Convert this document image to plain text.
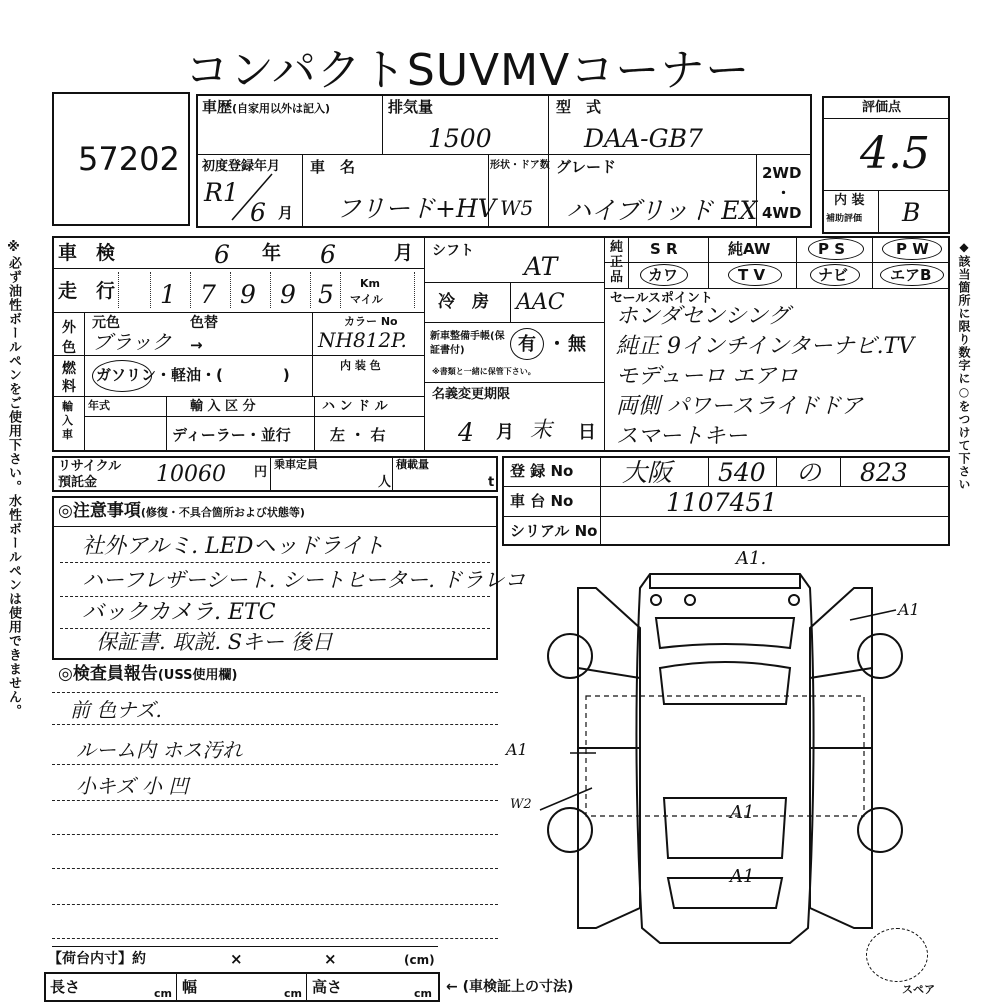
コンパクトSUVMVコーナー
※必ず油性ボールペンをご使用下さい。水性ボールペンは使用できません。	◆該当箇所に限り数字に○をつけて下さい
57202
車歴(自家用以外は記入)	排気量
1500
型　式
DAA-GB7
初度登録年月
R1
6 月
車　名
フリード+HV
形状・ドア数
W5
グレード
ハイブリッド EX
2WD
・
4WD
評価点
4.5
内 装
補助評価 B
車　検	6 年 6	月
走　行 1 7 9 9 5 Km
マイル
外色
元色
ブラック
色替
→
カラー No
NH812P.
燃料
ガソリン・軽油・(　　　　)
内 装 色
輸入車
年式	輸 入 区 分
ディーラー・並行
ハ ン ド ル
左 ・ 右
シフト
AT
冷　房 AAC
新車整備手帳(保証書付)	有 ・ 無
※書類と一緒に保管下さい。
名義変更期限
4 月 末 日
純正品
S R	純AW	P S	P W
カワ	T V	ナビ	エアB
セールスポイント
ホンダセンシング
純正 9インチインターナビ.TV
モデューロ エアロ
両側 パワースライドドア
スマートキー
リサイクル
預託金	10060 円
乗車定員
人
積載量
t
登 録 No 大阪 540 の 823
車 台 No	1107451
シリアル No
◎注意事項(修復・不具合箇所および状態等)
社外アルミ. LEDヘッドライト
ハーフレザーシート. シートヒーター. ドラレコ
バックカメラ. ETC
保証書. 取説. Sキー 後日
◎検査員報告(USS使用欄)
前 色ナズ.
ルーム内 ホス汚れ
小キズ 小 凹
A1.
A1
A1
W2	A1
A1
スペア
【荷台内寸】約	×	×	(cm)
長さ	cm 幅	cm 高さ	cm ← (車検証上の寸法)
